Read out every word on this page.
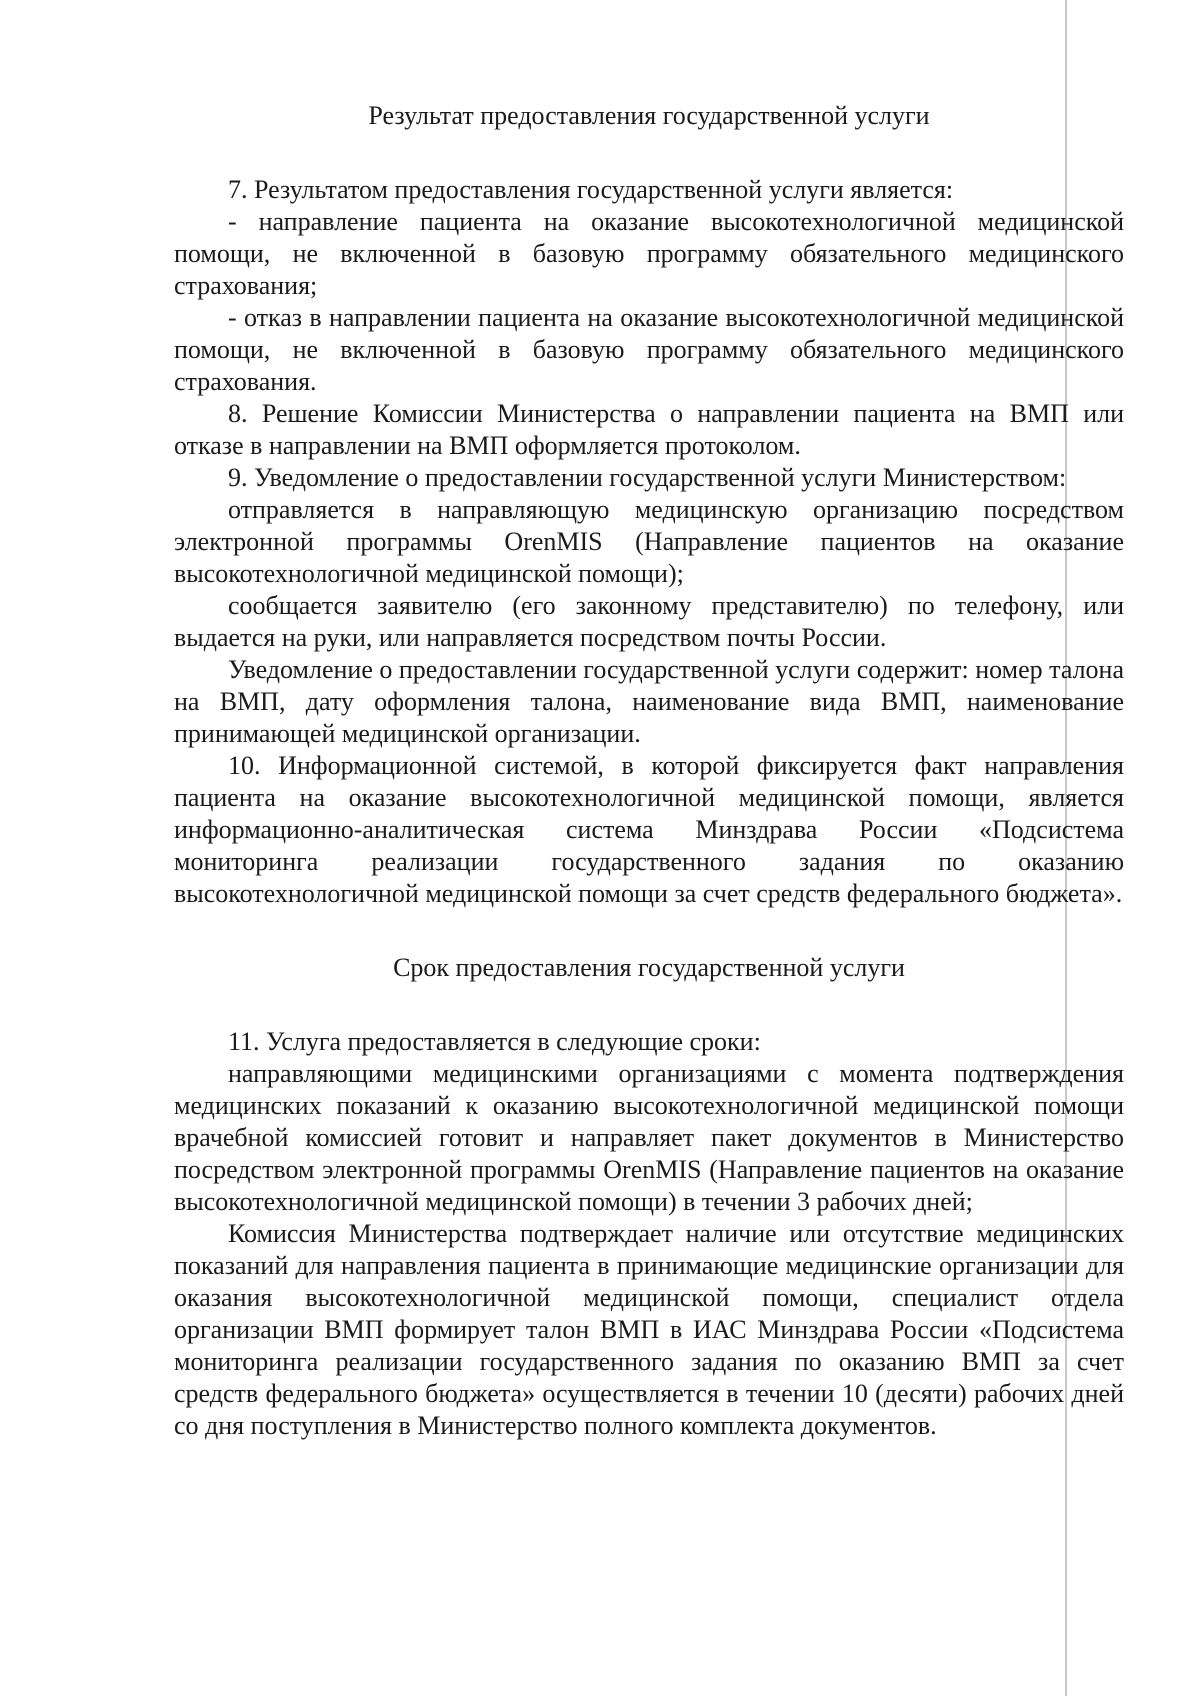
Результат предоставления государственной услуги

7. Результатом предоставления государственной услуги является:

- направление пациента на оказание высокотехнологичной медицинской помощи, не включенной в базовую программу обязательного медицинского страхования;

- отказ в направлении пациента на оказание высокотехнологичной медицинской помощи, не включенной в базовую программу обязательного медицинского страхования.

8. Решение Комиссии Министерства о направлении пациента на ВМП или отказе в направлении на ВМП оформляется протоколом.

9. Уведомление о предоставлении государственной услуги Министерством:

отправляется в направляющую медицинскую организацию посредством электронной программы OrenMIS (Направление пациентов на оказание высокотехнологичной медицинской помощи);

сообщается заявителю (его законному представителю) по телефону, или выдается на руки, или направляется посредством почты России.

Уведомление о предоставлении государственной услуги содержит: номер талона на ВМП, дату оформления талона, наименование вида ВМП, наименование принимающей медицинской организации.

10. Информационной системой, в которой фиксируется факт направления пациента на оказание высокотехнологичной медицинской помощи, является информационно-аналитическая система Минздрава России «Подсистема мониторинга реализации государственного задания по оказанию высокотехнологичной медицинской помощи за счет средств федерального бюджета».

Срок предоставления государственной услуги

11. Услуга предоставляется в следующие сроки:

направляющими медицинскими организациями с момента подтверждения медицинских показаний к оказанию высокотехнологичной медицинской помощи врачебной комиссией готовит и направляет пакет документов в Министерство посредством электронной программы OrenMIS (Направление пациентов на оказание высокотехнологичной медицинской помощи) в течении 3 рабочих дней;

Комиссия Министерства подтверждает наличие или отсутствие медицинских показаний для направления пациента в принимающие медицинские организации для оказания высокотехнологичной медицинской помощи, специалист отдела организации ВМП формирует талон ВМП в ИАС Минздрава России «Подсистема мониторинга реализации государственного задания по оказанию ВМП за счет средств федерального бюджета» осуществляется в течении 10 (десяти) рабочих дней со дня поступления в Министерство полного комплекта документов.
